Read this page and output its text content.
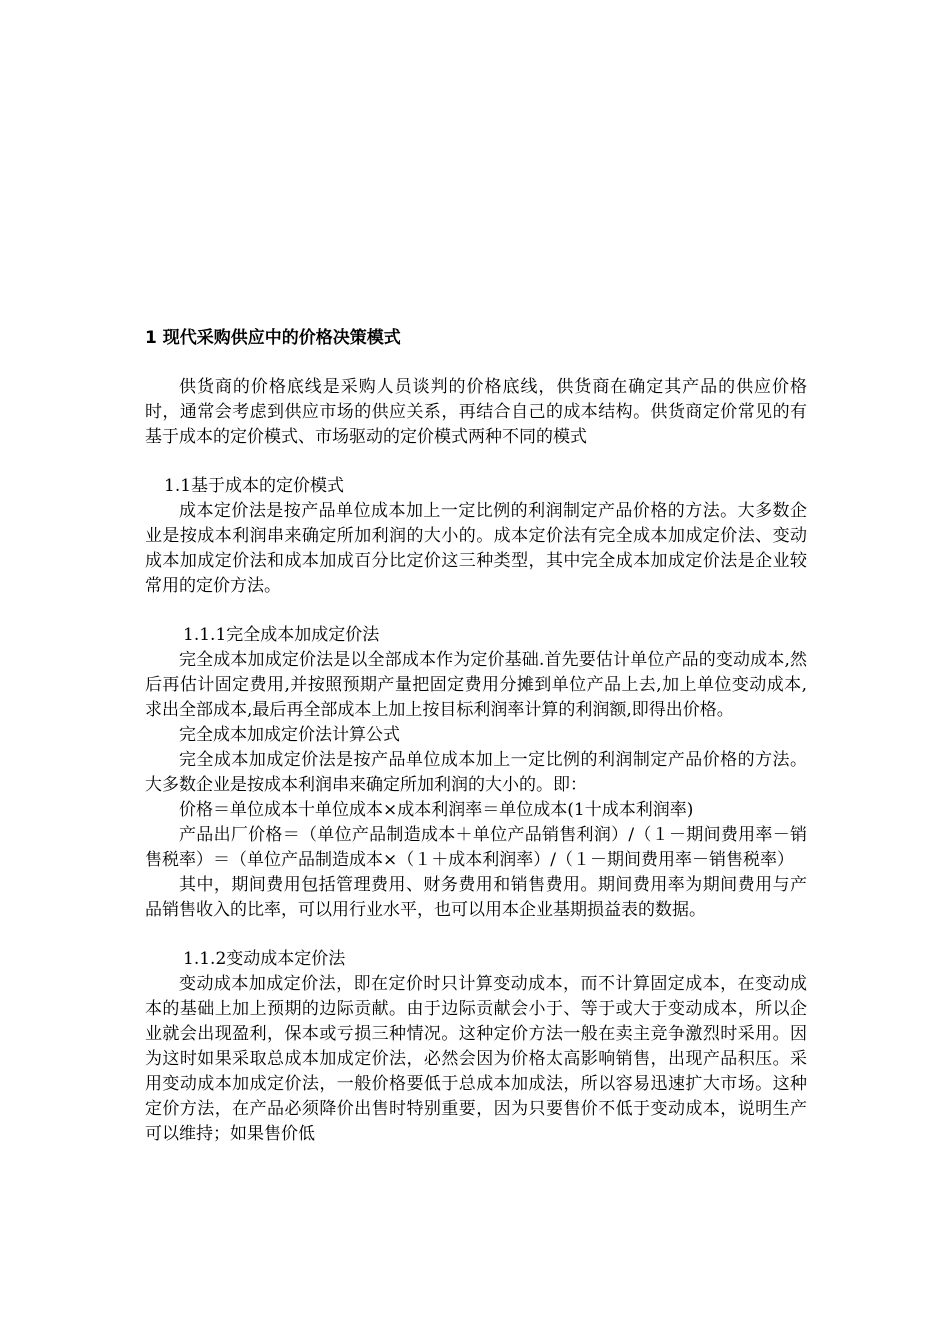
1 现代采购供应中的价格决策模式

供货商的价格底线是采购人员谈判的价格底线，供货商在确定其产品的供应价格时，通常会考虑到供应市场的供应关系，再结合自己的成本结构。供货商定价常见的有基于成本的定价模式、市场驱动的定价模式两种不同的模式

1.1基于成本的定价模式

成本定价法是按产品单位成本加上一定比例的利润制定产品价格的方法。大多数企业是按成本利润串来确定所加利润的大小的。成本定价法有完全成本加成定价法、变动成本加成定价法和成本加成百分比定价这三种类型，其中完全成本加成定价法是企业较常用的定价方法。

1.1.1完全成本加成定价法

完全成本加成定价法是以全部成本作为定价基础.首先要估计单位产品的变动成本,然后再估计固定费用,并按照预期产量把固定费用分摊到单位产品上去,加上单位变动成本,求出全部成本,最后再全部成本上加上按目标利润率计算的利润额,即得出价格。

完全成本加成定价法计算公式

完全成本加成定价法是按产品单位成本加上一定比例的利润制定产品价格的方法。大多数企业是按成本利润串来确定所加利润的大小的。即：

价格＝单位成本十单位成本×成本利润率＝单位成本(1十成本利润率)

产品出厂价格＝（单位产品制造成本＋单位产品销售利润）/（１－期间费用率－销售税率）＝（单位产品制造成本×（１＋成本利润率）/（１－期间费用率－销售税率）

其中，期间费用包括管理费用、财务费用和销售费用。期间费用率为期间费用与产品销售收入的比率，可以用行业水平，也可以用本企业基期损益表的数据。

1.1.2变动成本定价法

变动成本加成定价法，即在定价时只计算变动成本，而不计算固定成本，在变动成本的基础上加上预期的边际贡献。由于边际贡献会小于、等于或大于变动成本，所以企业就会出现盈利，保本或亏损三种情况。这种定价方法一般在卖主竞争激烈时采用。因为这时如果采取总成本加成定价法，必然会因为价格太高影响销售，出现产品积压。采用变动成本加成定价法，一般价格要低于总成本加成法，所以容易迅速扩大市场。这种定价方法，在产品必须降价出售时特别重要，因为只要售价不低于变动成本，说明生产可以维持；如果售价低
